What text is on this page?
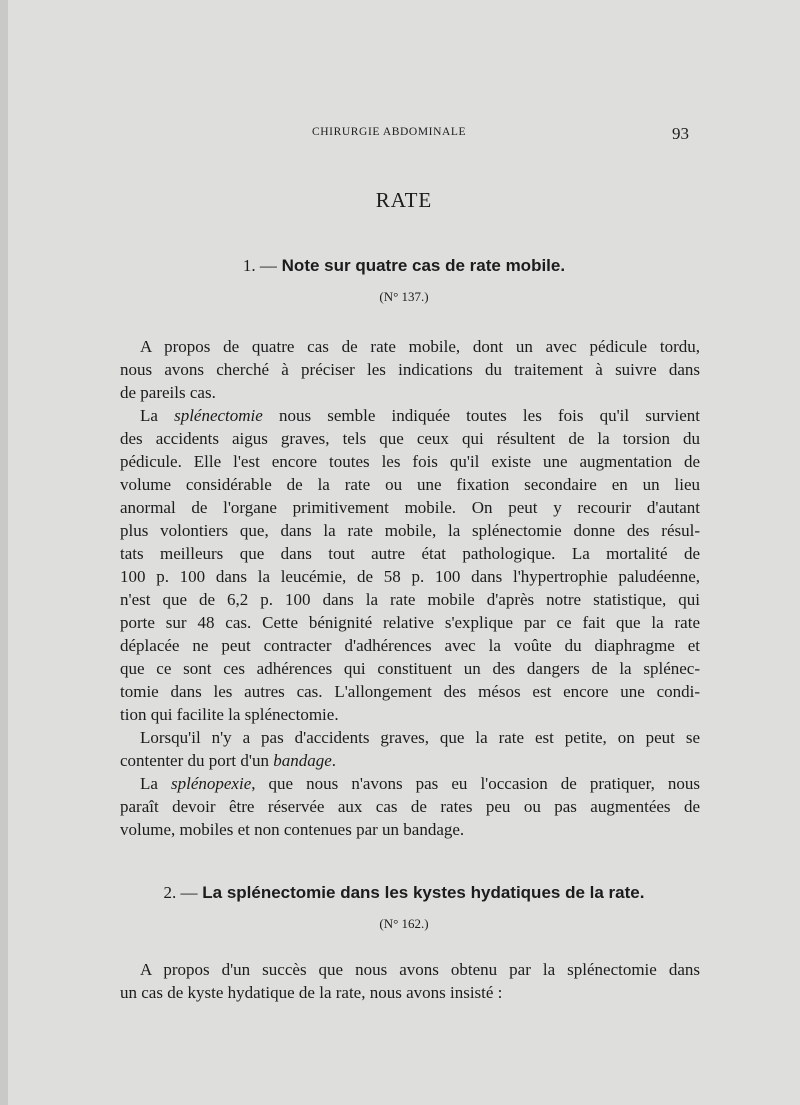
CHIRURGIE ABDOMINALE	93
RATE
1. — Note sur quatre cas de rate mobile.
(N° 137.)
A propos de quatre cas de rate mobile, dont un avec pédicule tordu,
nous avons cherché à préciser les indications du traitement à suivre dans
de pareils cas.
La splénectomie nous semble indiquée toutes les fois qu'il survient
des accidents aigus graves, tels que ceux qui résultent de la torsion du
pédicule. Elle l'est encore toutes les fois qu'il existe une augmentation de
volume considérable de la rate ou une fixation secondaire en un lieu
anormal de l'organe primitivement mobile. On peut y recourir d'autant
plus volontiers que, dans la rate mobile, la splénectomie donne des résul-
tats meilleurs que dans tout autre état pathologique. La mortalité de
100 p. 100 dans la leucémie, de 58 p. 100 dans l'hypertrophie paludéenne,
n'est que de 6,2 p. 100 dans la rate mobile d'après notre statistique, qui
porte sur 48 cas. Cette bénignité relative s'explique par ce fait que la rate
déplacée ne peut contracter d'adhérences avec la voûte du diaphragme et
que ce sont ces adhérences qui constituent un des dangers de la splénec-
tomie dans les autres cas. L'allongement des mésos est encore une condi-
tion qui facilite la splénectomie.
Lorsqu'il n'y a pas d'accidents graves, que la rate est petite, on peut se
contenter du port d'un bandage.
La splénopexie, que nous n'avons pas eu l'occasion de pratiquer, nous
paraît devoir être réservée aux cas de rates peu ou pas augmentées de
volume, mobiles et non contenues par un bandage.
2. — La splénectomie dans les kystes hydatiques de la rate.
(N° 162.)
A propos d'un succès que nous avons obtenu par la splénectomie dans
un cas de kyste hydatique de la rate, nous avons insisté :
